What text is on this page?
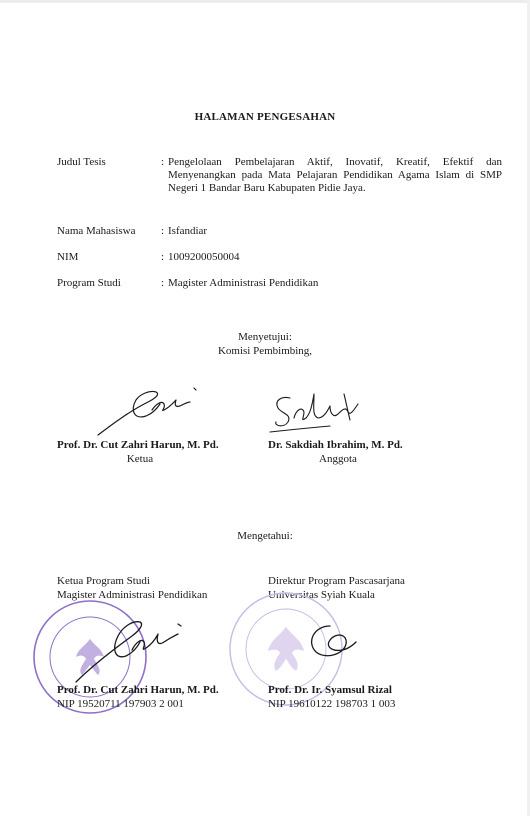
HALAMAN PENGESAHAN
Judul Tesis	: Pengelolaan Pembelajaran Aktif, Inovatif, Kreatif, Efektif dan Menyenangkan pada Mata Pelajaran Pendidikan Agama Islam di SMP Negeri 1 Bandar Baru Kabupaten Pidie Jaya.
Nama Mahasiswa	: Isfandiar
NIM	: 1009200050004
Program Studi	: Magister Administrasi Pendidikan
Menyetujui:
Komisi Pembimbing,
Prof. Dr. Cut Zahri Harun, M. Pd.
Ketua
Dr. Sakdiah Ibrahim, M. Pd.
Anggota
Mengetahui:
Ketua Program Studi
Magister Administrasi Pendidikan
Direktur Program Pascasarjana
Universitas Syiah Kuala
Prof. Dr. Cut Zahri Harun, M. Pd.
NIP 19520711 197903 2 001
Prof. Dr. Ir. Syamsul Rizal
NIP 19610122 198703 1 003
